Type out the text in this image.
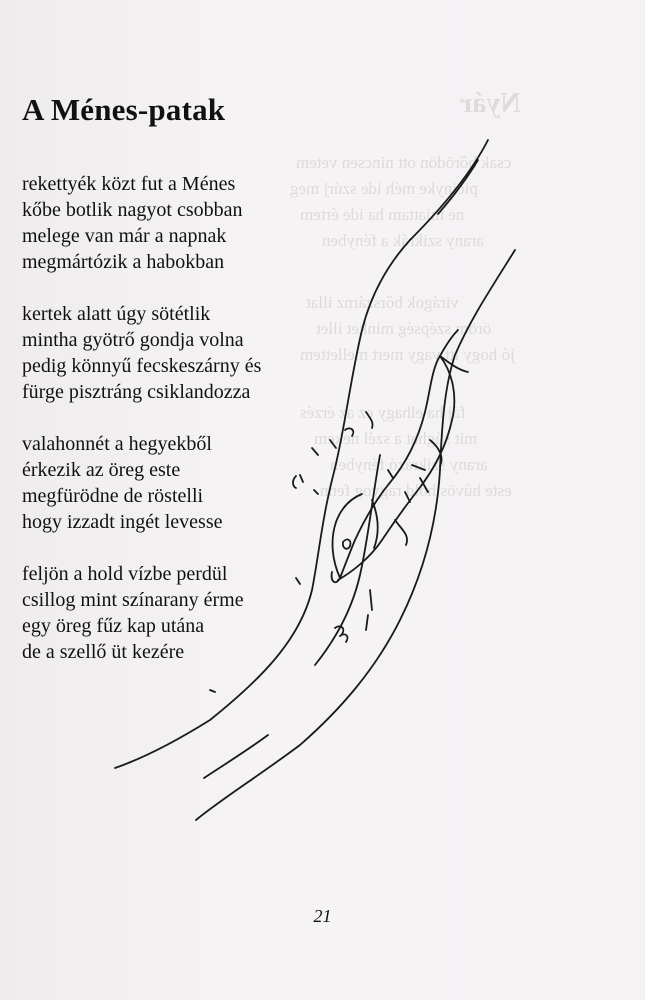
Nyár
csak bőrödön ott nincsen vetem
picinyke méh ide szúrj meg
ne miattam ha ide értem
arany szikrák a fényben
virágok bőrszárnz illat
öröm szépség minket illet
jó hogy itt vagy mert mellettem
fáj ha elhagy ez az érzés
mit súghat a szél nekem
arany szikrázó fényben
este hűvös hold ragyog fenn
A Ménes-patak
rekettyék közt fut a Ménes
kőbe botlik nagyot csobban
melege van már a napnak
megmártózik a habokban
kertek alatt úgy sötétlik
mintha gyötrő gondja volna
pedig könnyű fecskeszárny és
fürge pisztráng csiklandozza
valahonnét a hegyekből
érkezik az öreg este
megfürödne de röstelli
hogy izzadt ingét levesse
feljön a hold vízbe perdül
csillog mint színarany érme
egy öreg fűz kap utána
de a szellő üt kezére
21
